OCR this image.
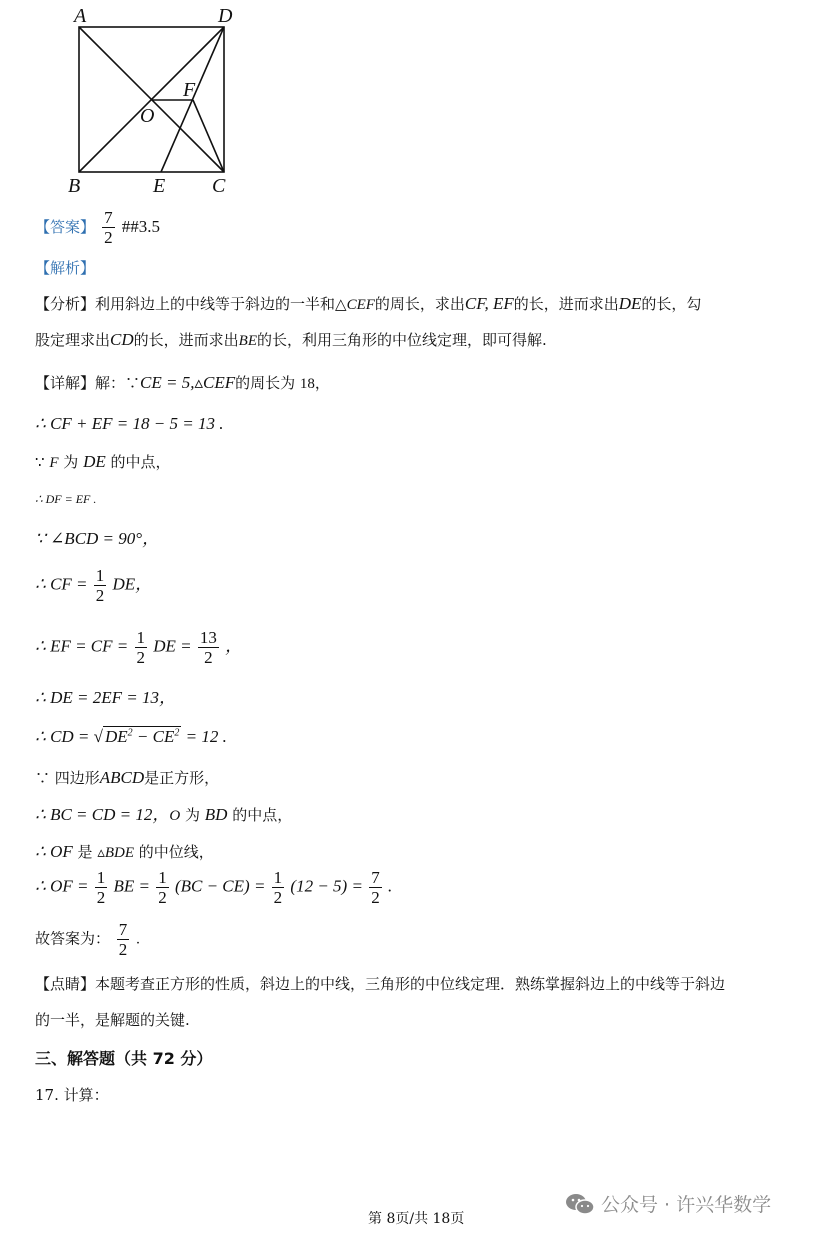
A	D
B	E C
O
F
【答案】 $\frac{7}{2}$ ##3.5
【解析】
【分析】利用斜边上的中线等于斜边的一半和△CEF的周长，求出CF, EF的长，进而求出DE的长，勾
股定理求出CD的长，进而求出BE的长，利用三角形的中位线定理，即可得解.
【详解】解：∵CE = 5,▵CEF的周长为 18，
∴ CF + EF = 18 − 5 = 13 .
∵ F 为 DE 的中点，
∴ DF = EF .
∵ ∠BCD = 90°，
∴ CF = $\frac{1}{2}$ DE，
∴ EF = CF = $\frac{1}{2}$ DE = $\frac{13}{2}$ ，
∴ DE = 2EF = 13，
∴ CD = √ $DE^2 - CE^2 = 12$ .
∵ 四边形ABCD是正方形，
∴ BC = CD = 12，O 为 BD 的中点，
∴ OF 是 ▵BDE 的中位线，
∴ OF = $\frac{1}{2}$ BE = $\frac{1}{2} (BC - CE) = \frac{1}{2} (12 - 5) = \frac{7}{2}$ .
故答案为： $\frac{7}{2}$ .
【点睛】本题考查正方形的性质，斜边上的中线，三角形的中位线定理．熟练掌握斜边上的中线等于斜边
的一半，是解题的关键.
三、解答题（共 72 分）
17. 计算：
第 8页/共 18页
公众号 · 许兴华数学
